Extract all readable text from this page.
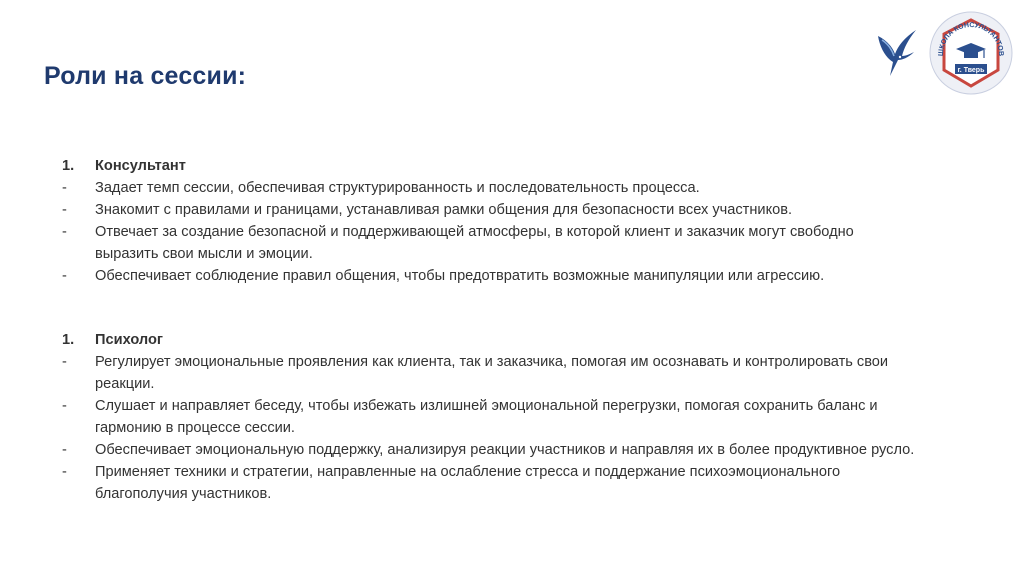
Роли на сессии:
ШКОЛА КОНСУЛЬТАНТОВ
г. Тверь
1.	Консультант
-	Задает темп сессии, обеспечивая структурированность и последовательность процесса.
-	Знакомит с правилами и границами, устанавливая рамки общения для безопасности всех участников.
-	Отвечает за создание безопасной и поддерживающей атмосферы, в которой клиент и заказчик могут свободно
выразить свои мысли и эмоции.
-	Обеспечивает соблюдение правил общения, чтобы предотвратить возможные манипуляции или агрессию.
1.	Психолог
-	Регулирует эмоциональные проявления как клиента, так и заказчика, помогая им осознавать и контролировать свои
реакции.
-	Слушает и направляет беседу, чтобы избежать излишней эмоциональной перегрузки, помогая сохранить баланс и
гармонию в процессе сессии.
-	Обеспечивает эмоциональную поддержку, анализируя реакции участников и направляя их в более продуктивное русло.
-	Применяет техники и стратегии, направленные на ослабление стресса и поддержание психоэмоционального
благополучия участников.
